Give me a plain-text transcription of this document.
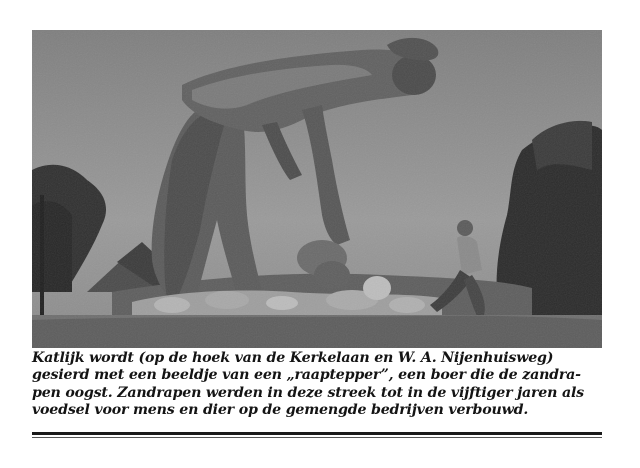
Katlijk wordt (op de hoek van de Kerkelaan en W. A. Nijenhuisweg)
gesierd met een beeldje van een „raaptepper”, een boer die de zandra-
pen oogst. Zandrapen werden in deze streek tot in de vijftiger jaren als
voedsel voor mens en dier op de gemengde bedrijven verbouwd.
